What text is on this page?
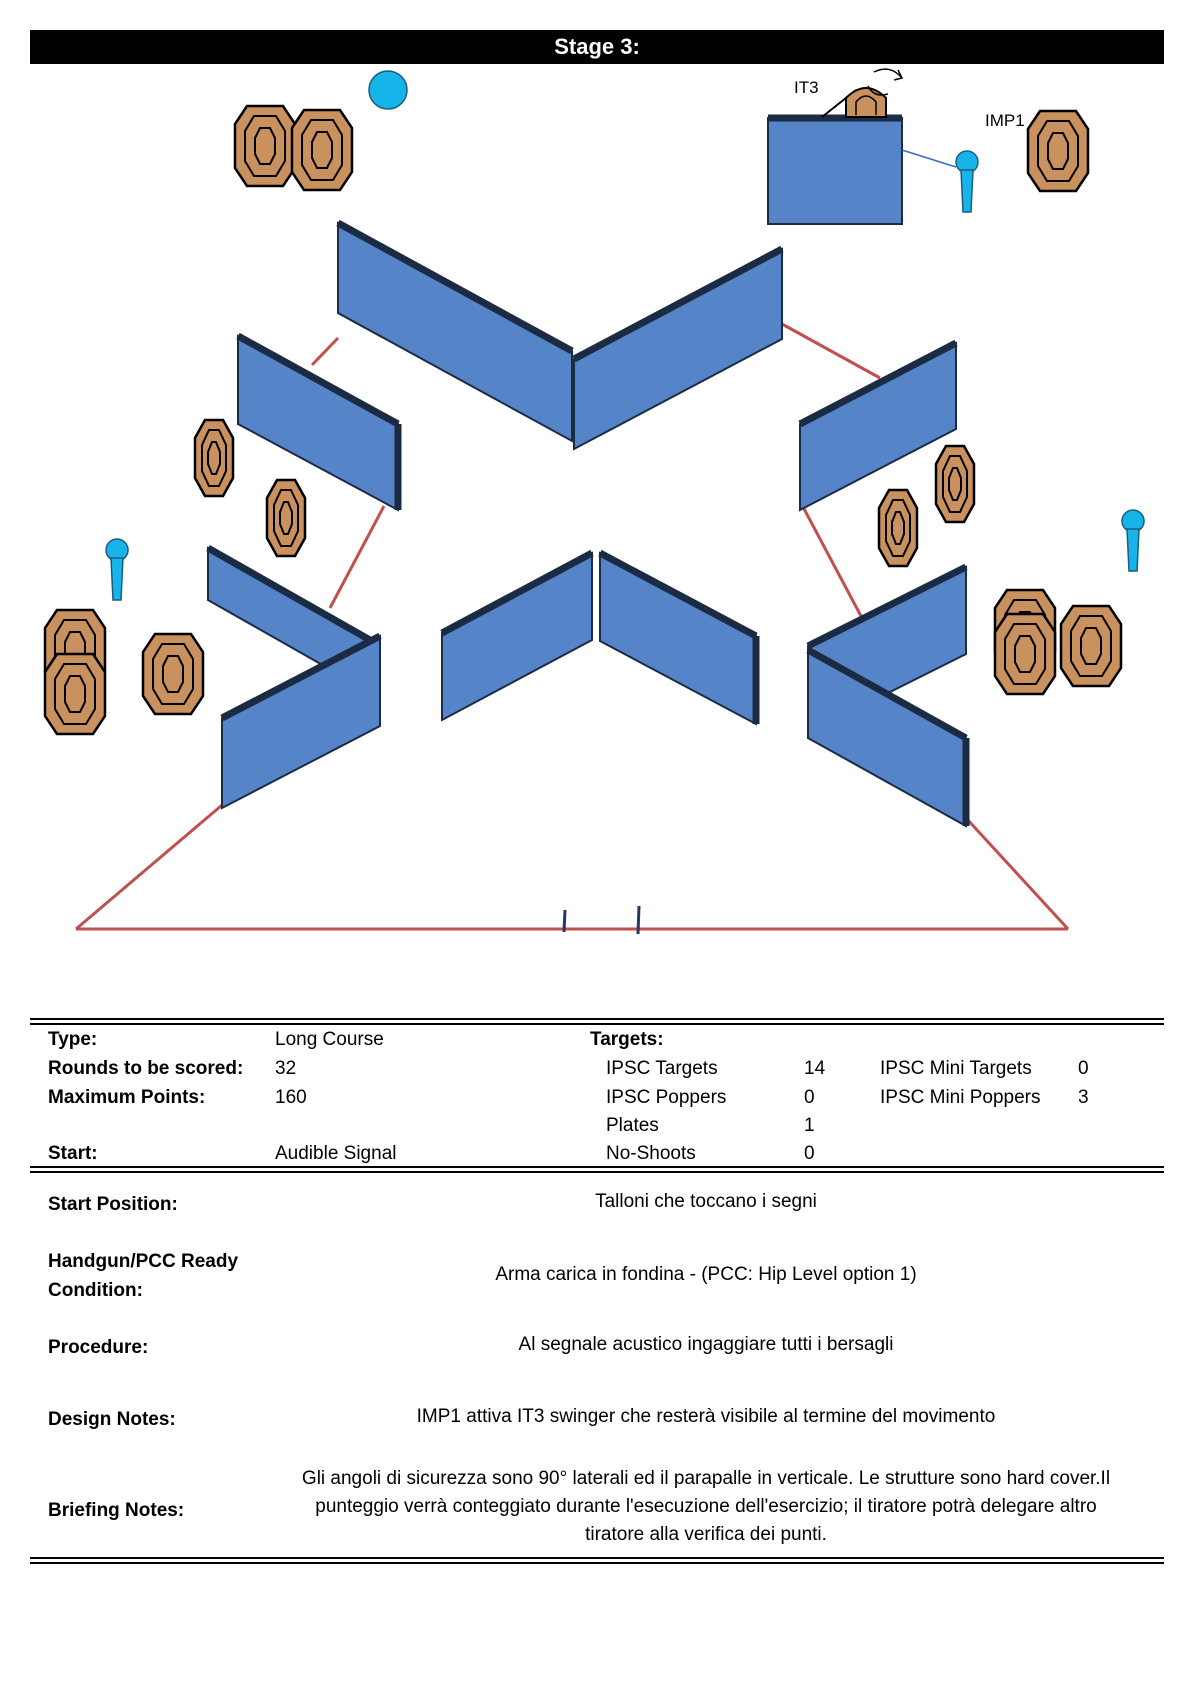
Stage 3:
IT3
IMP1
Type:	Long Course	Targets:
Rounds to be scored: 32	IPSC Targets	14	IPSC Mini Targets 0
Maximum Points:	160	IPSC Poppers	0	IPSC Mini Poppers 3
Plates	1
Start:	Audible Signal	No-Shoots	0
Start Position:	Talloni che toccano i segni
Handgun/PCC Ready
Condition:
Arma carica in fondina - (PCC: Hip Level option 1)
Procedure:	Al segnale acustico ingaggiare tutti i bersagli
Design Notes:	IMP1 attiva IT3 swinger che resterà visibile al termine del movimento
Briefing Notes:
Gli angoli di sicurezza sono 90° laterali ed il parapalle in verticale. Le strutture sono hard cover.Il
punteggio verrà conteggiato durante l'esecuzione dell'esercizio; il tiratore potrà delegare altro
tiratore alla verifica dei punti.
